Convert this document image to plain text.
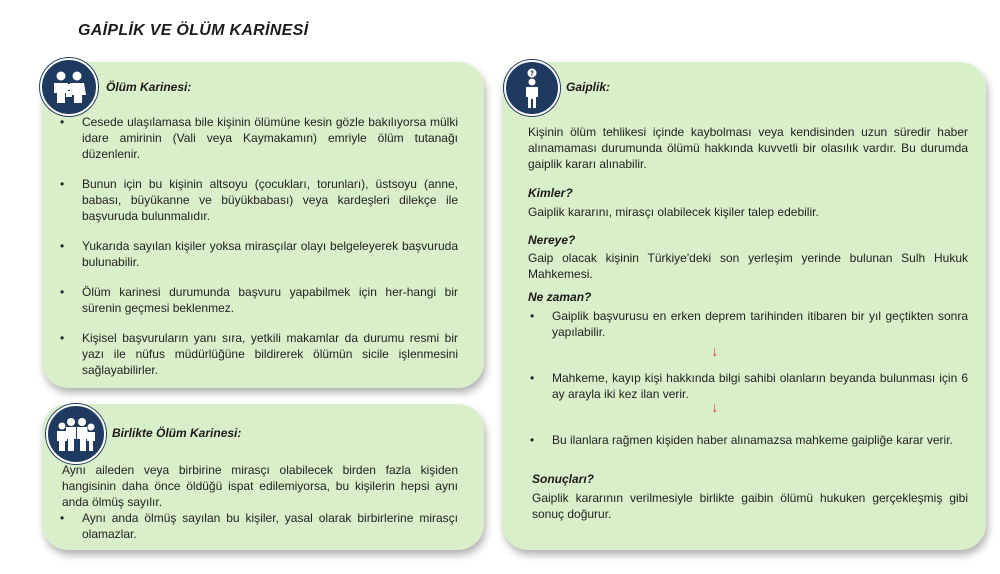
GAİPLİK VE ÖLÜM KARİNESİ
Ölüm Karinesi:
• Cesede ulaşılamasa bile kişinin ölümüne kesin gözle bakılıyorsa mülki idare amirinin (Vali veya Kaymakamın) emriyle ölüm tutanağı düzenlenir.
• Bunun için bu kişinin altsoyu (çocukları, torunları), üstsoyu (anne, babası, büyükanne ve büyükbabası) veya kardeşleri dilekçe ile başvuruda bulunmalıdır.
• Yukarıda sayılan kişiler yoksa mirasçılar olayı belgeleyerek başvuruda bulunabilir.
• Ölüm karinesi durumunda başvuru yapabilmek için her-hangi bir sürenin geçmesi beklenmez.
• Kişisel başvuruların yanı sıra, yetkili makamlar da durumu resmi bir yazı ile nüfus müdürlüğüne bildirerek ölümün sicile işlenmesini sağlayabilirler.
Birlikte Ölüm Karinesi:

Aynı aileden veya birbirine mirasçı olabilecek birden fazla kişiden hangisinin daha önce öldüğü ispat edilemiyorsa, bu kişilerin hepsi aynı anda ölmüş sayılır.

• Aynı anda ölmüş sayılan bu kişiler, yasal olarak birbirlerine mirasçı olamazlar.
?
Gaiplik:

Kişinin ölüm tehlikesi içinde kaybolması veya kendisinden uzun süredir haber alınamaması durumunda ölümü hakkında kuvvetli bir olasılık vardır. Bu durumda gaiplik kararı alınabilir.

Kimler?

Gaiplik kararını, mirasçı olabilecek kişiler talep edebilir.

Nereye?

Gaip olacak kişinin Türkiye'deki son yerleşim yerinde bulunan Sulh Hukuk Mahkemesi.

Ne zaman?

• Gaiplik başvurusu en erken deprem tarihinden itibaren bir yıl geçtikten sonra yapılabilir.
• Mahkeme, kayıp kişi hakkında bilgi sahibi olanların beyanda bulunması için 6 ay arayla iki kez ilan verir.
• Bu ilanlara rağmen kişiden haber alınamazsa mahkeme gaipliğe karar verir.
↓
↓

Sonuçları?

Gaiplik kararının verilmesiyle birlikte gaibin ölümü hukuken gerçekleşmiş gibi sonuç doğurur.
